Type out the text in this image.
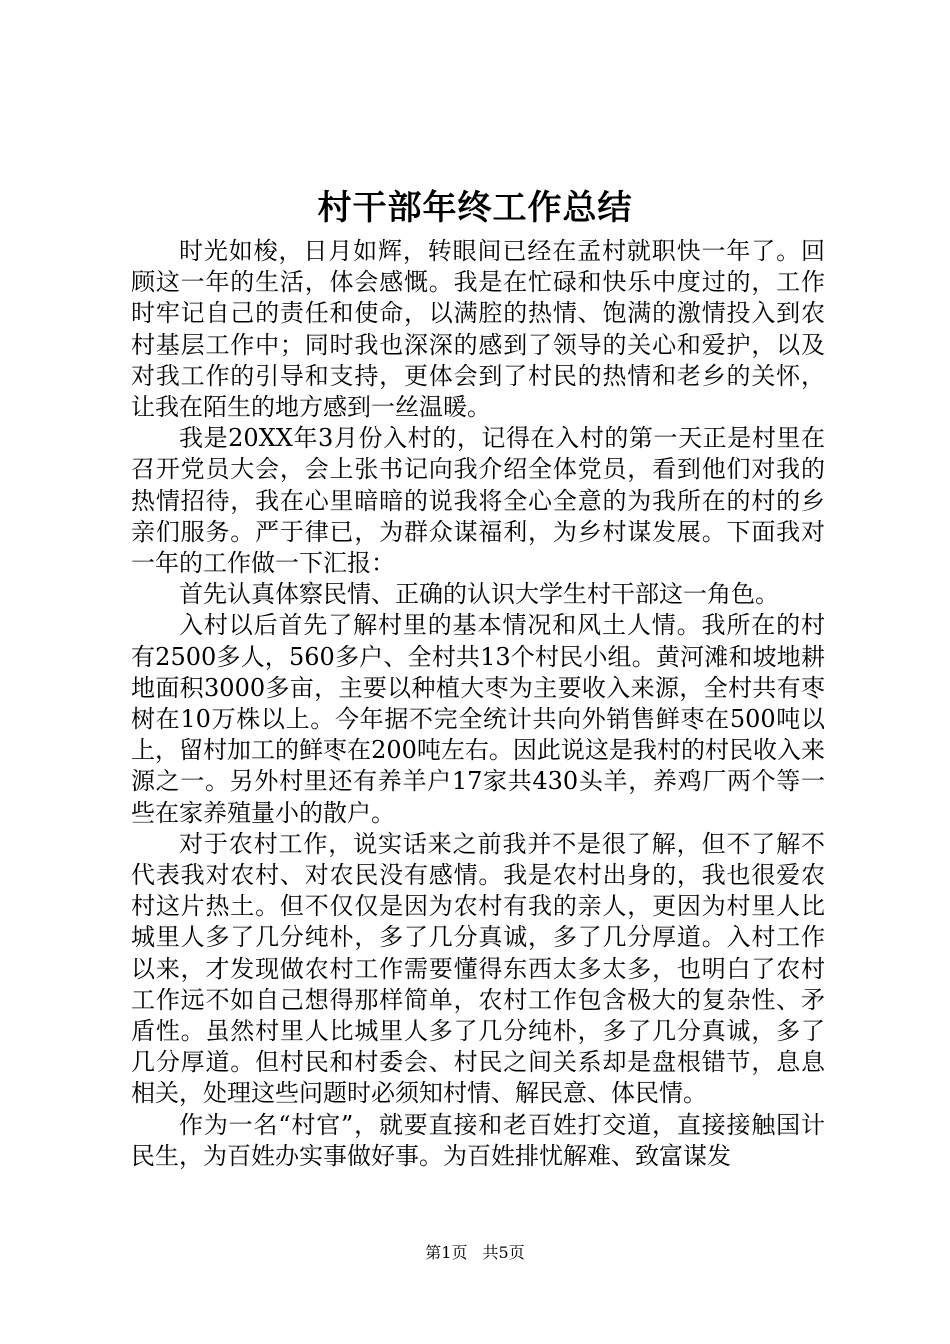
村干部年终工作总结

时光如梭，日月如辉，转眼间已经在孟村就职快一年了。回顾这一年的生活，体会感慨。我是在忙碌和快乐中度过的，工作时牢记自己的责任和使命，以满腔的热情、饱满的激情投入到农村基层工作中；同时我也深深的感到了领导的关心和爱护，以及对我工作的引导和支持，更体会到了村民的热情和老乡的关怀，让我在陌生的地方感到一丝温暖。

我是20XX年3月份入村的，记得在入村的第一天正是村里在召开党员大会，会上张书记向我介绍全体党员，看到他们对我的热情招待，我在心里暗暗的说我将全心全意的为我所在的村的乡亲们服务。严于律已，为群众谋福利，为乡村谋发展。下面我对一年的工作做一下汇报：

首先认真体察民情、正确的认识大学生村干部这一角色。

入村以后首先了解村里的基本情况和风土人情。我所在的村有2500多人，560多户、全村共13个村民小组。黄河滩和坡地耕地面积3000多亩，主要以种植大枣为主要收入来源，全村共有枣树在10万株以上。今年据不完全统计共向外销售鲜枣在500吨以上，留村加工的鲜枣在200吨左右。因此说这是我村的村民收入来源之一。另外村里还有养羊户17家共430头羊，养鸡厂两个等一些在家养殖量小的散户。

对于农村工作，说实话来之前我并不是很了解，但不了解不代表我对农村、对农民没有感情。我是农村出身的，我也很爱农村这片热土。但不仅仅是因为农村有我的亲人，更因为村里人比城里人多了几分纯朴，多了几分真诚，多了几分厚道。入村工作以来，才发现做农村工作需要懂得东西太多太多，也明白了农村工作远不如自己想得那样简单，农村工作包含极大的复杂性、矛盾性。虽然村里人比城里人多了几分纯朴，多了几分真诚，多了几分厚道。但村民和村委会、村民之间关系却是盘根错节，息息相关，处理这些问题时必须知村情、解民意、体民情。

作为一名“村官”，就要直接和老百姓打交道，直接接触国计民生，为百姓办实事做好事。为百姓排忧解难、致富谋发

第1页 共5页
